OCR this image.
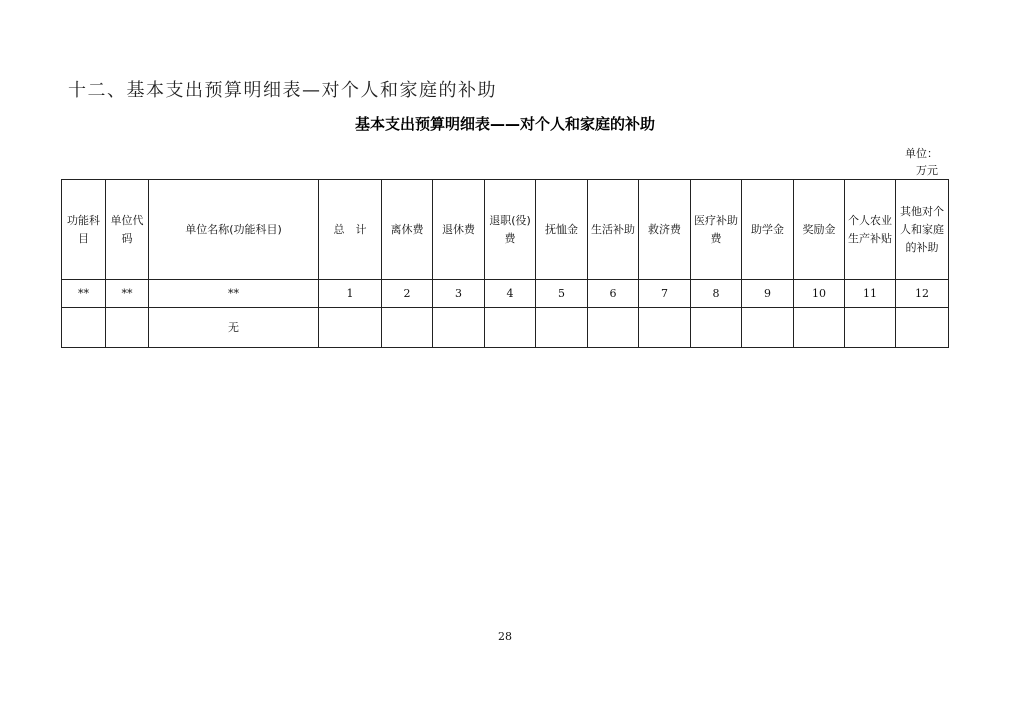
十二、基本支出预算明细表—对个人和家庭的补助
基本支出预算明细表——对个人和家庭的补助
单位：
万元
功能科目	单位代码	单位名称(功能科目)	总　计	离休费	退休费	退职(役)费	抚恤金	生活补助	救济费	医疗补助费	助学金	奖励金	个人农业生产补贴	其他对个人和家庭的补助
**	**	**	1	2	3	4	5	6	7	8	9	10	11	12
		无												
28
